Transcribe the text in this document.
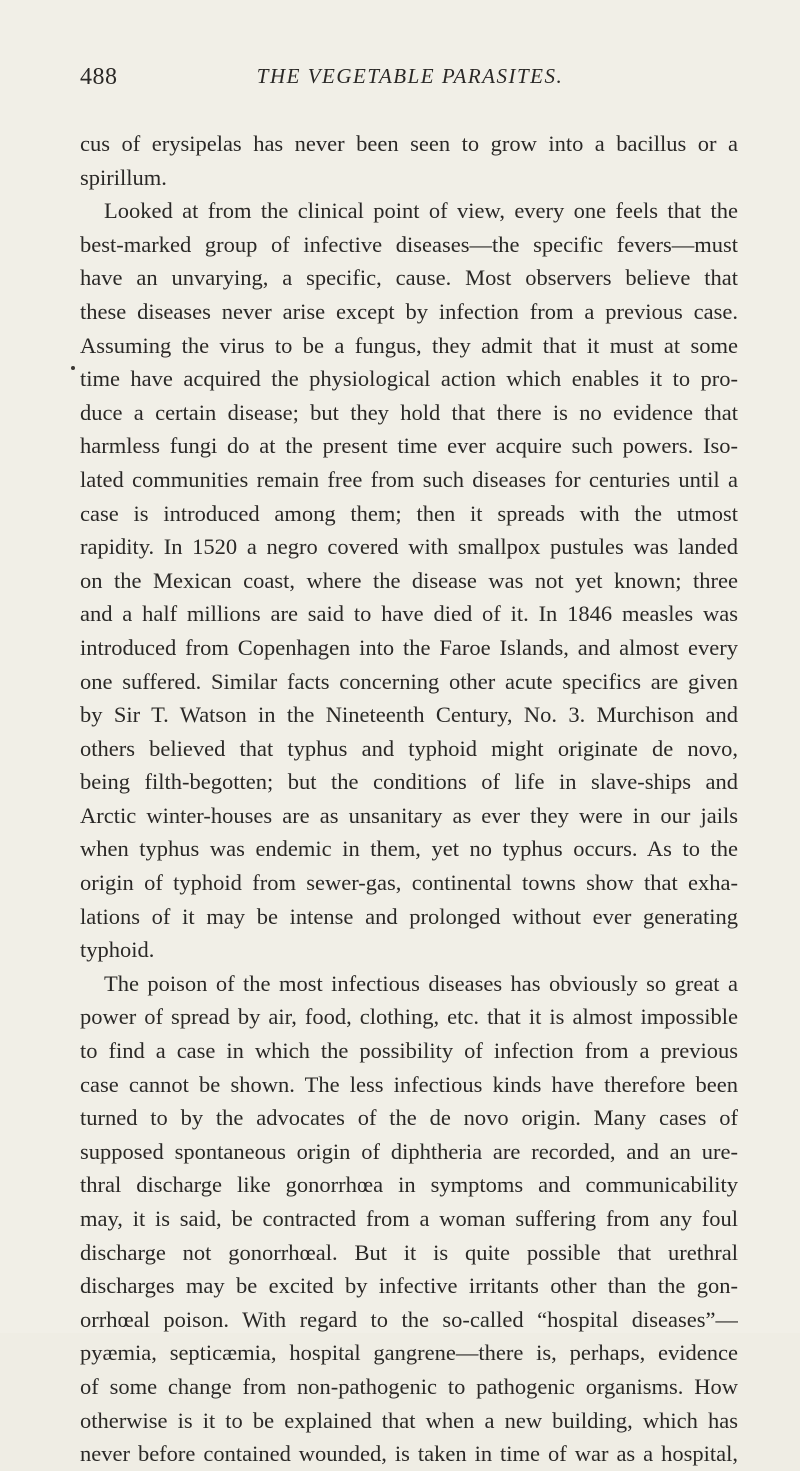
488	THE VEGETABLE PARASITES.
cus of erysipelas has never been seen to grow into a bacillus or a
spirillum.
Looked at from the clinical point of view, every one feels that the
best-marked group of infective diseases—the specific fevers—must
have an unvarying, a specific, cause. Most observers believe that
these diseases never arise except by infection from a previous case.
Assuming the virus to be a fungus, they admit that it must at some
time have acquired the physiological action which enables it to pro-
duce a certain disease; but they hold that there is no evidence that
harmless fungi do at the present time ever acquire such powers. Iso-
lated communities remain free from such diseases for centuries until a
case is introduced among them; then it spreads with the utmost
rapidity. In 1520 a negro covered with smallpox pustules was landed
on the Mexican coast, where the disease was not yet known; three
and a half millions are said to have died of it. In 1846 measles was
introduced from Copenhagen into the Faroe Islands, and almost every
one suffered. Similar facts concerning other acute specifics are given
by Sir T. Watson in the Nineteenth Century, No. 3. Murchison and
others believed that typhus and typhoid might originate de novo,
being filth-begotten; but the conditions of life in slave-ships and
Arctic winter-houses are as unsanitary as ever they were in our jails
when typhus was endemic in them, yet no typhus occurs. As to the
origin of typhoid from sewer-gas, continental towns show that exha-
lations of it may be intense and prolonged without ever generating
typhoid.
The poison of the most infectious diseases has obviously so great a
power of spread by air, food, clothing, etc. that it is almost impossible
to find a case in which the possibility of infection from a previous
case cannot be shown. The less infectious kinds have therefore been
turned to by the advocates of the de novo origin. Many cases of
supposed spontaneous origin of diphtheria are recorded, and an ure-
thral discharge like gonorrhœa in symptoms and communicability
may, it is said, be contracted from a woman suffering from any foul
discharge not gonorrhœal. But it is quite possible that urethral
discharges may be excited by infective irritants other than the gon-
orrhœal poison. With regard to the so-called “hospital diseases”—
pyæmia, septicæmia, hospital gangrene—there is, perhaps, evidence
of some change from non-pathogenic to pathogenic organisms. How
otherwise is it to be explained that when a new building, which has
never before contained wounded, is taken in time of war as a hospital,
